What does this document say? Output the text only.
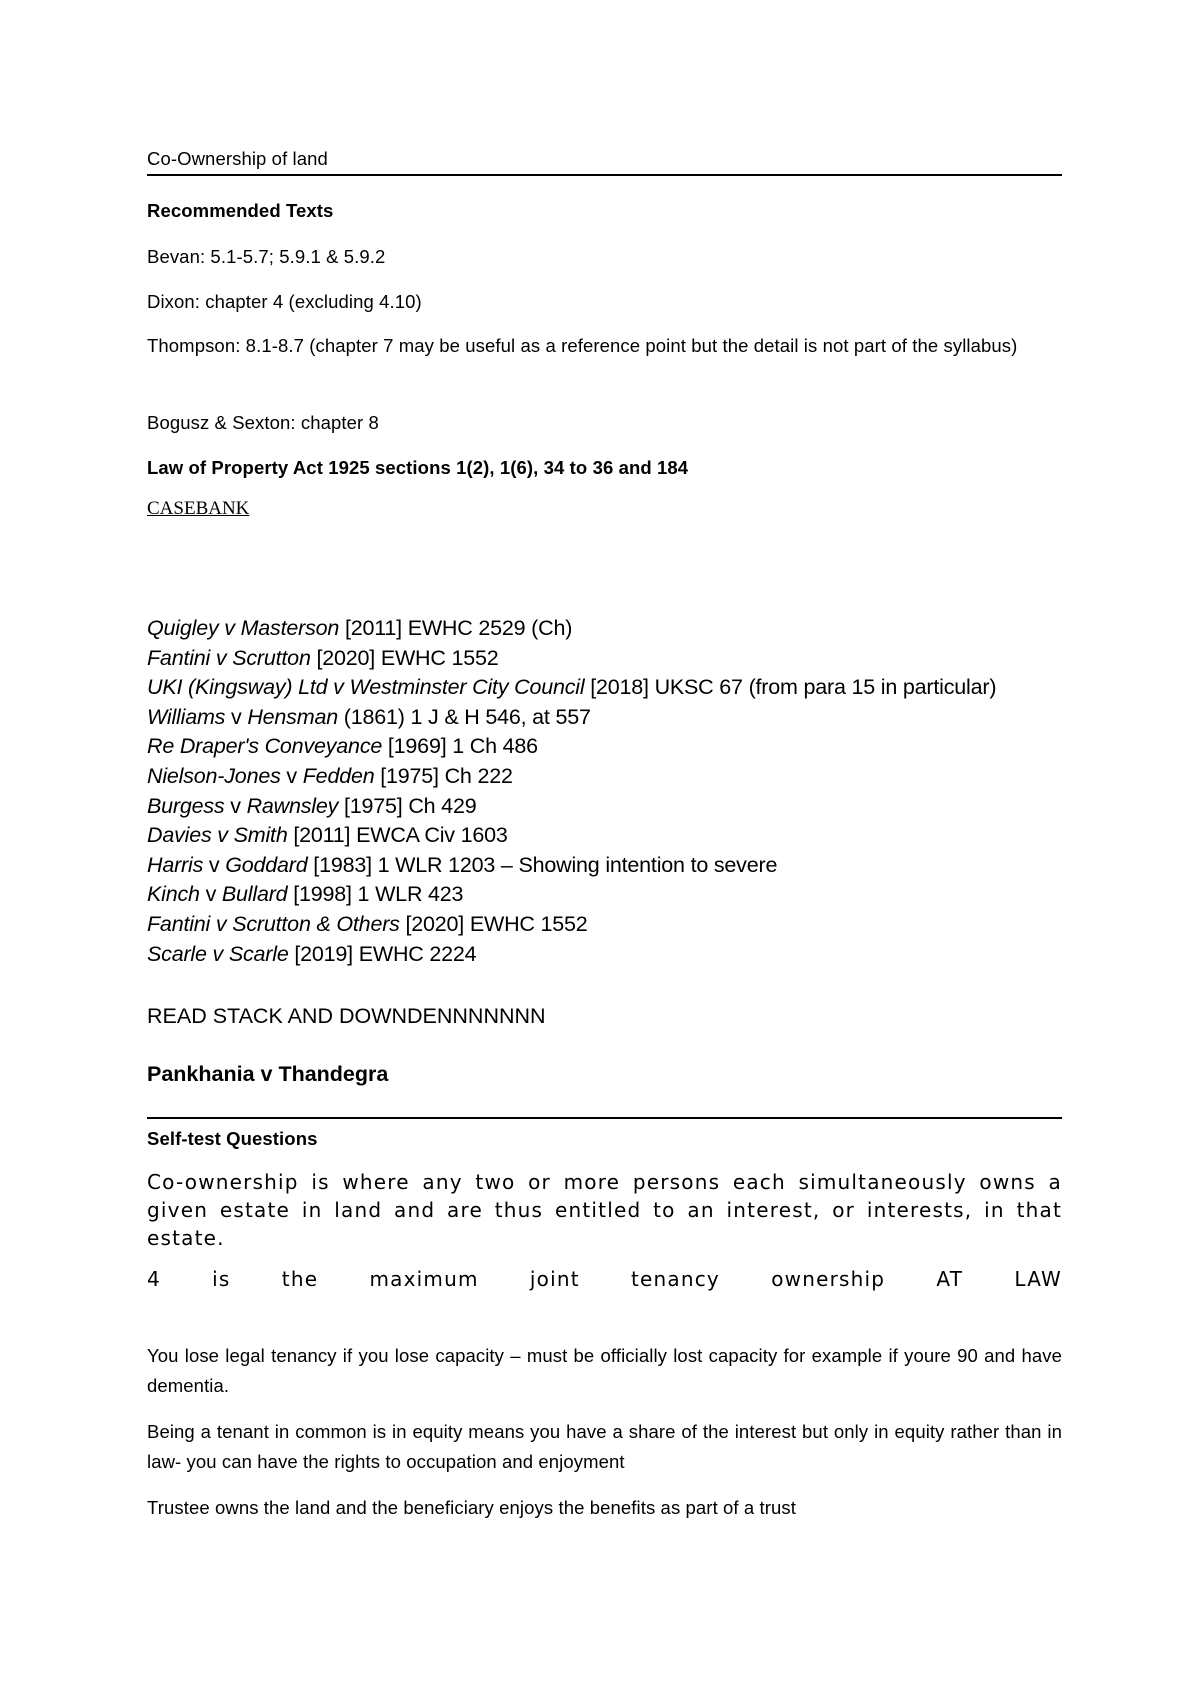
Co-Ownership of land
Recommended Texts
Bevan: 5.1-5.7; 5.9.1 & 5.9.2
Dixon: chapter 4 (excluding 4.10)
Thompson: 8.1-8.7 (chapter 7 may be useful as a reference point but the detail is not part of the syllabus)
Bogusz & Sexton: chapter 8
Law of Property Act 1925 sections 1(2), 1(6), 34 to 36 and 184
CASEBANK
Quigley v Masterson [2011] EWHC 2529 (Ch)
Fantini v Scrutton [2020] EWHC 1552
UKI (Kingsway) Ltd v Westminster City Council [2018] UKSC 67 (from para 15 in particular)
Williams v Hensman (1861) 1 J & H 546, at 557
Re Draper's Conveyance [1969] 1 Ch 486
Nielson-Jones v Fedden [1975] Ch 222
Burgess v Rawnsley [1975] Ch 429
Davies v Smith [2011] EWCA Civ 1603
Harris v Goddard [1983] 1 WLR 1203 – Showing intention to severe
Kinch v Bullard [1998] 1 WLR 423
Fantini v Scrutton & Others [2020] EWHC 1552
Scarle v Scarle [2019] EWHC 2224
READ STACK AND DOWNDENNNNNNN
Pankhania v Thandegra
Self-test Questions
Co-ownership is where any two or more persons each simultaneously owns a given estate in land and are thus entitled to an interest, or interests, in that estate.
4	is	the	maximum	joint	tenancy	ownership	AT	LAW
You lose legal tenancy if you lose capacity – must be officially lost capacity for example if youre 90 and have dementia.
Being a tenant in common is in equity means you have a share of the interest but only in equity rather than in law- you can have the rights to occupation and enjoyment
Trustee owns the land and the beneficiary enjoys the benefits as part of a trust
